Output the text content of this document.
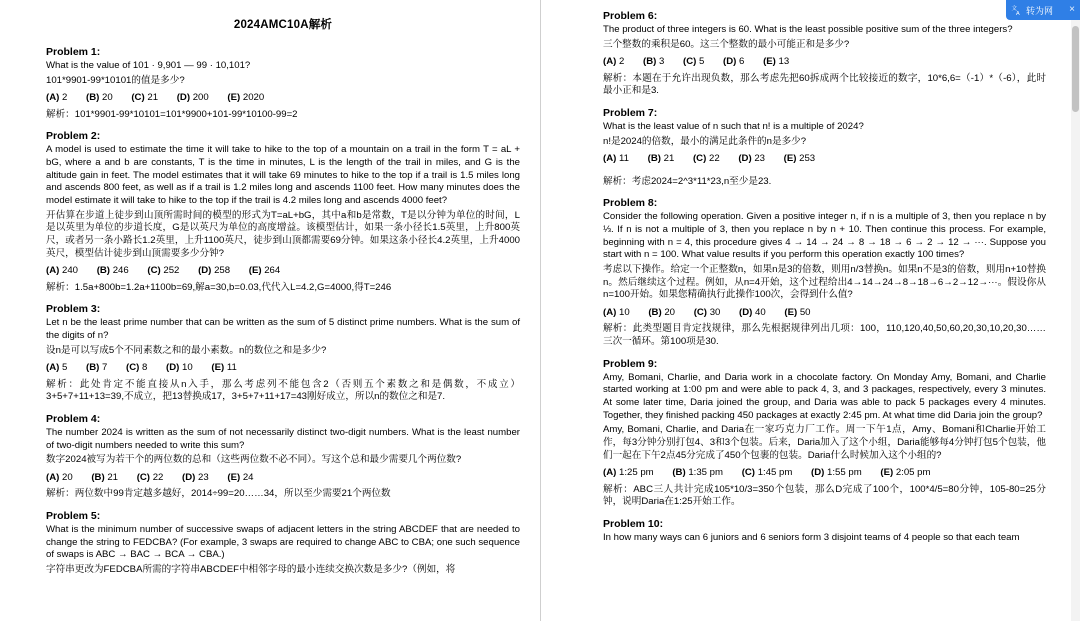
2024AMC10A解析
Problem 1:

What is the value of 101 · 9,901 — 99 · 10,101?

101*9901-99*10101的值是多少?

(A) 2 (B) 20 (C) 21 (D) 200 (E) 2020

解析：101*9901-99*10101=101*9900+101-99*10100-99=2

Problem 2:

A model is used to estimate the time it will take to hike to the top of a mountain on a trail in the form T = aL + bG, where a and b are constants, T is the time in minutes, L is the length of the trail in miles, and G is the altitude gain in feet. The model estimates that it will take 69 minutes to hike to the top if a trail is 1.5 miles long and ascends 800 feet, as well as if a trail is 1.2 miles long and ascends 1100 feet. How many minutes does the model estimate it will take to hike to the top if the trail is 4.2 miles long and ascends 4000 feet?

开估算在步道上徒步到山顶所需时间的模型的形式为T=aL+bG，其中a和b是常数，T是以分钟为单位的时间，L是以英里为单位的步道长度，G是以英尺为单位的高度增益。该模型估计，如果一条小径长1.5英里，上升800英尺，或者另一条小路长1.2英里，上升1100英尺，徒步到山顶都需要69分钟。如果这条小径长4.2英里，上升4000英尺，模型估计徒步到山顶需要多少分钟?

(A) 240 (B) 246 (C) 252 (D) 258 (E) 264

解析：1.5a+800b=1.2a+1100b=69,解a=30,b=0.03,代代入L=4.2,G=4000,得T=246

Problem 3:

Let n be the least prime number that can be written as the sum of 5 distinct prime numbers. What is the sum of the digits of n?

设n是可以写成5个不同素数之和的最小素数。n的数位之和是多少?

(A) 5 (B) 7 (C) 8 (D) 10 (E) 11

解析：此处肯定不能直接从n入手，那么考虑列不能包含2（否则五个素数之和是偶数，不成立）3+5+7+11+13=39,不成立，把13替换成17，3+5+7+11+17=43刚好成立，所以n的数位之和是7.

Problem 4:

The number 2024 is written as the sum of not necessarily distinct two-digit numbers. What is the least number of two-digit numbers needed to write this sum?

数字2024被写为若干个的两位数的总和（这些两位数不必不同）。写这个总和最少需要几个两位数?

(A) 20 (B) 21 (C) 22 (D) 23 (E) 24

解析：两位数中99肯定越多越好，2014÷99=20……34，所以至少需要21个两位数

Problem 5:

What is the minimum number of successive swaps of adjacent letters in the string ABCDEF that are needed to change the string to FEDCBA? (For example, 3 swaps are required to change ABC to CBA; one such sequence of swaps is ABC → BAC → BCA → CBA.)

字符串更改为FEDCBA所需的字符串ABCDEF中相邻字母的最小连续交换次数是多少?（例如，将

Problem 6:

The product of three integers is 60. What is the least possible positive sum of the three integers?

三个整数的乘积是60。这三个整数的最小可能正和是多少?

(A) 2 (B) 3 (C) 5 (D) 6 (E) 13

解析：本题在于允许出现负数，那么考虑先把60拆成两个比较接近的数字，10*6,6=（-1）*（-6），此时最小正和是3.

Problem 7:

What is the least value of n such that n! is a multiple of 2024?

n!是2024的倍数，最小的满足此条件的n是多少?

(A) 11 (B) 21 (C) 22 (D) 23 (E) 253

解析：考虑2024=2^3*11*23,n至少是23.

Problem 8:

Consider the following operation. Given a positive integer n, if n is a multiple of 3, then you replace n by ⅓. If n is not a multiple of 3, then you replace n by n + 10. Then continue this process. For example, beginning with n = 4, this procedure gives 4 → 14 → 24 → 8 → 18 → 6 → 2 → 12 → ···. Suppose you start with n = 100. What value results if you perform this operation exactly 100 times?

考虑以下操作。给定一个正整数n，如果n是3的倍数，则用n/3替换n。如果n不是3的倍数，则用n+10替换n。然后继续这个过程。例如，从n=4开始，这个过程给出4→14→24→8→18→6→2→12→···。假设你从n=100开始。如果您精确执行此操作100次，会得到什么值?

(A) 10 (B) 20 (C) 30 (D) 40 (E) 50

解析：此类型题目肯定找规律，那么先根据规律列出几项：100，110,120,40,50,60,20,30,10,20,30……三次一循环。第100项是30.

Problem 9:

Amy, Bomani, Charlie, and Daria work in a chocolate factory. On Monday Amy, Bomani, and Charlie started working at 1:00 pm and were able to pack 4, 3, and 3 packages, respectively, every 3 minutes. At some later time, Daria joined the group, and Daria was able to pack 5 packages every 4 minutes. Together, they finished packing 450 packages at exactly 2:45 pm. At what time did Daria join the group?

Amy, Bomani, Charlie, and Daria在一家巧克力厂工作。周一下午1点，Amy、Bomani和Charlie开始工作，每3分钟分别打包4、3和3个包装。后来，Daria加入了这个小组，Daria能够每4分钟打包5个包装，他们一起在下午2点45分完成了450个包裹的包装。Daria什么时候加入这个小组的?

(A) 1:25 pm (B) 1:35 pm (C) 1:45 pm (D) 1:55 pm (E) 2:05 pm

解析：ABC三人共计完成105*10/3=350个包装，那么D完成了100个，100*4/5=80分钟，105-80=25分钟，说明Daria在1:25开始工作。

Problem 10:

In how many ways can 6 juniors and 6 seniors form 3 disjoint teams of 4 people so that each team

文
A 转为网 ×
